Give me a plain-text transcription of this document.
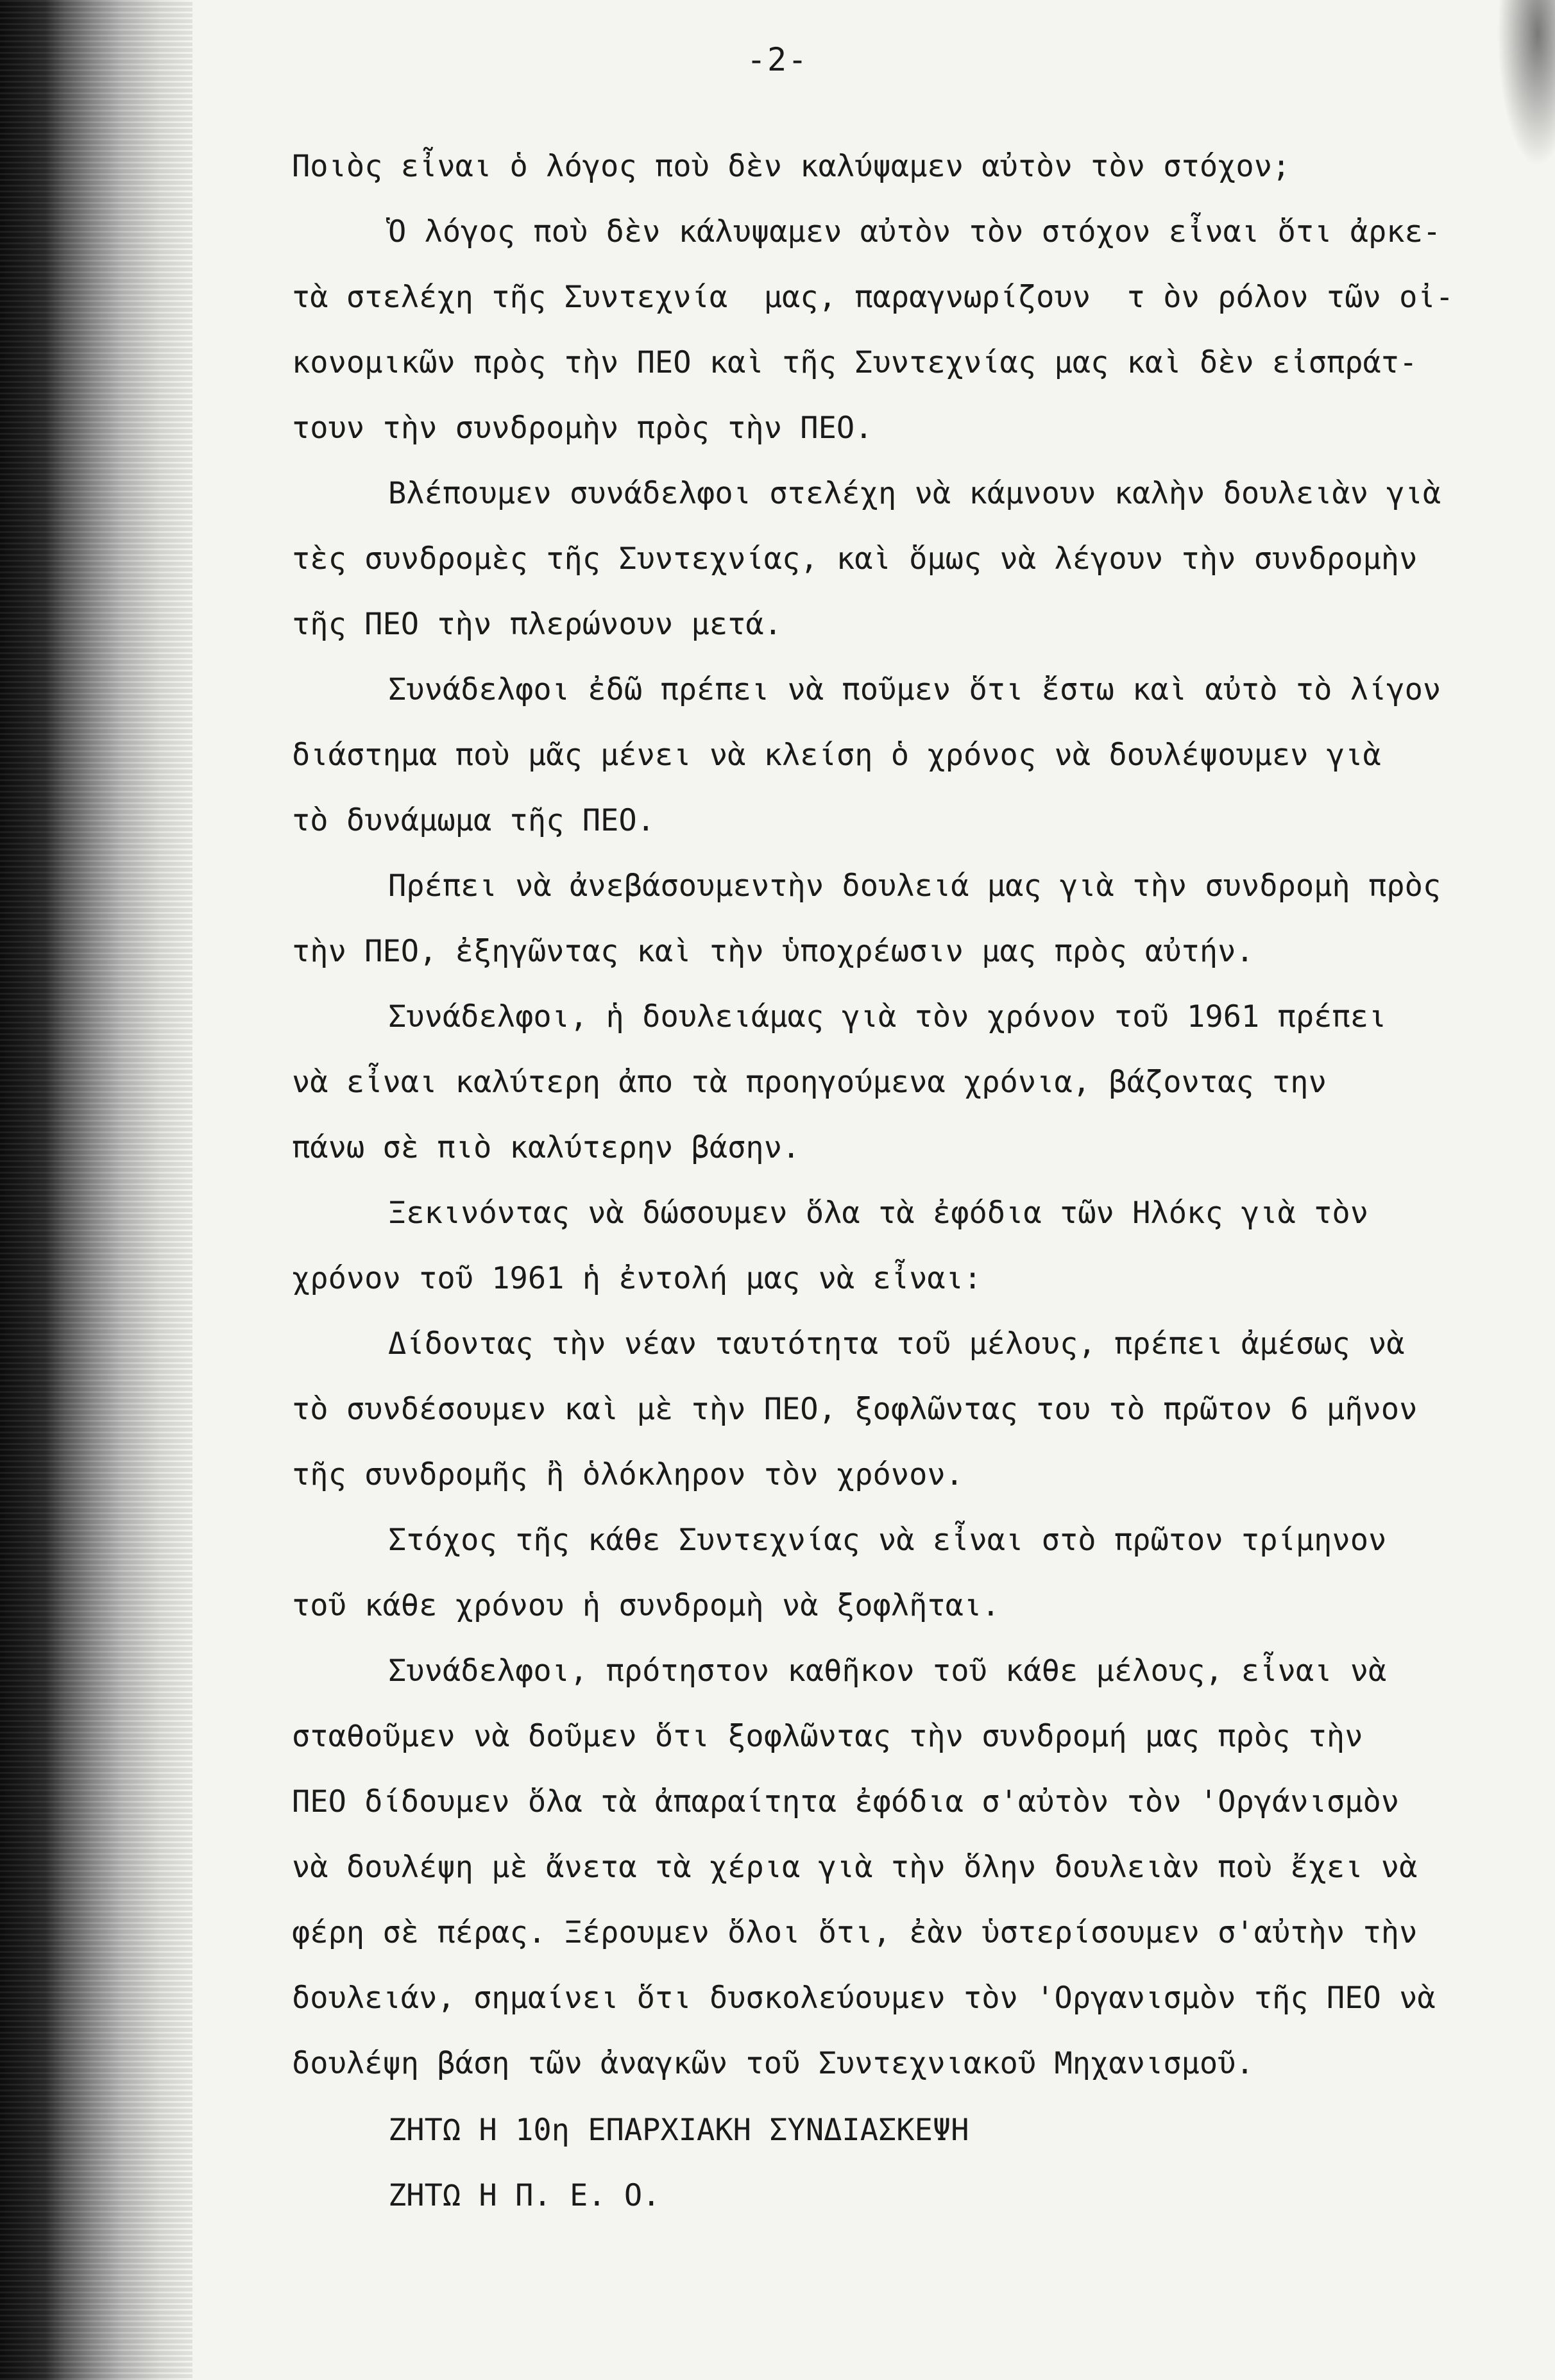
-2-
Ποιὸς εἶναι ὁ λόγος ποὺ δὲν καλύψαμεν αὐτὸν τὸν στόχον;
Ὁ λόγος ποὺ δὲν κάλυψαμεν αὐτὸν τὸν στόχον εἶναι ὅτι ἀρκε-
τὰ στελέχη τῆς Συντεχνία  μας, παραγνωρίζουν  τ ὸν ρόλον τῶν οἰ-
κονομικῶν πρὸς τὴν ΠΕΟ καὶ τῆς Συντεχνίας μας καὶ δὲν εἰσπράτ-
τουν τὴν συνδρομὴν πρὸς τὴν ΠΕΟ.
Βλέπουμεν συνάδελφοι στελέχη νὰ κάμνουν καλὴν δουλειὰν γιὰ
τὲς συνδρομὲς τῆς Συντεχνίας, καὶ ὅμως νὰ λέγουν τὴν συνδρομὴν
τῆς ΠΕΟ τὴν πλερώνουν μετά.
Συνάδελφοι ἐδῶ πρέπει νὰ ποῦμεν ὅτι ἔστω καὶ αὐτὸ τὸ λίγον
διάστημα ποὺ μᾶς μένει νὰ κλείση ὁ χρόνος νὰ δουλέψουμεν γιὰ
τὸ δυνάμωμα τῆς ΠΕΟ.
Πρέπει νὰ ἀνεβάσουμεντὴν δουλειά μας γιὰ τὴν συνδρομὴ πρὸς
τὴν ΠΕΟ, ἐξηγῶντας καὶ τὴν ὑποχρέωσιν μας πρὸς αὐτήν.
Συνάδελφοι, ἡ δουλειάμας γιὰ τὸν χρόνον τοῦ 1961 πρέπει
νὰ εἶναι καλύτερη ἀπο τὰ προηγούμενα χρόνια, βάζοντας την
πάνω σὲ πιὸ καλύτερην βάσην.
Ξεκινόντας νὰ δώσουμεν ὅλα τὰ ἐφόδια τῶν Ηλόκς γιὰ τὸν
χρόνον τοῦ 1961 ἡ ἐντολή μας νὰ εἶναι:
Δίδοντας τὴν νέαν ταυτότητα τοῦ μέλους, πρέπει ἀμέσως νὰ
τὸ συνδέσουμεν καὶ μὲ τὴν ΠΕΟ, ξοφλῶντας του τὸ πρῶτον 6 μῆνον
τῆς συνδρομῆς ἢ ὁλόκληρον τὸν χρόνον.
Στόχος τῆς κάθε Συντεχνίας νὰ εἶναι στὸ πρῶτον τρίμηνον
τοῦ κάθε χρόνου ἡ συνδρομὴ νὰ ξοφλῆται.
Συνάδελφοι, πρότηστον καθῆκον τοῦ κάθε μέλους, εἶναι νὰ
σταθοῦμεν νὰ δοῦμεν ὅτι ξοφλῶντας τὴν συνδρομή μας πρὸς τὴν
ΠΕΟ δίδουμεν ὅλα τὰ ἀπαραίτητα ἐφόδια σ'αὐτὸν τὸν 'Οργάνισμὸν
νὰ δουλέψη μὲ ἄνετα τὰ χέρια γιὰ τὴν ὅλην δουλειὰν ποὺ ἔχει νὰ
φέρη σὲ πέρας. Ξέρουμεν ὅλοι ὅτι, ἐὰν ὑστερίσουμεν σ'αὐτὴν τὴν
δουλειάν, σημαίνει ὅτι δυσκολεύουμεν τὸν 'Οργανισμὸν τῆς ΠΕΟ νὰ
δουλέψη βάση τῶν ἀναγκῶν τοῦ Συντεχνιακοῦ Μηχανισμοῦ.
ΖΗΤΩ Η 10η ΕΠΑΡΧΙΑΚΗ ΣΥΝΔΙΑΣΚΕΨΗ
ΖΗΤΩ Η Π. Ε. Ο.
